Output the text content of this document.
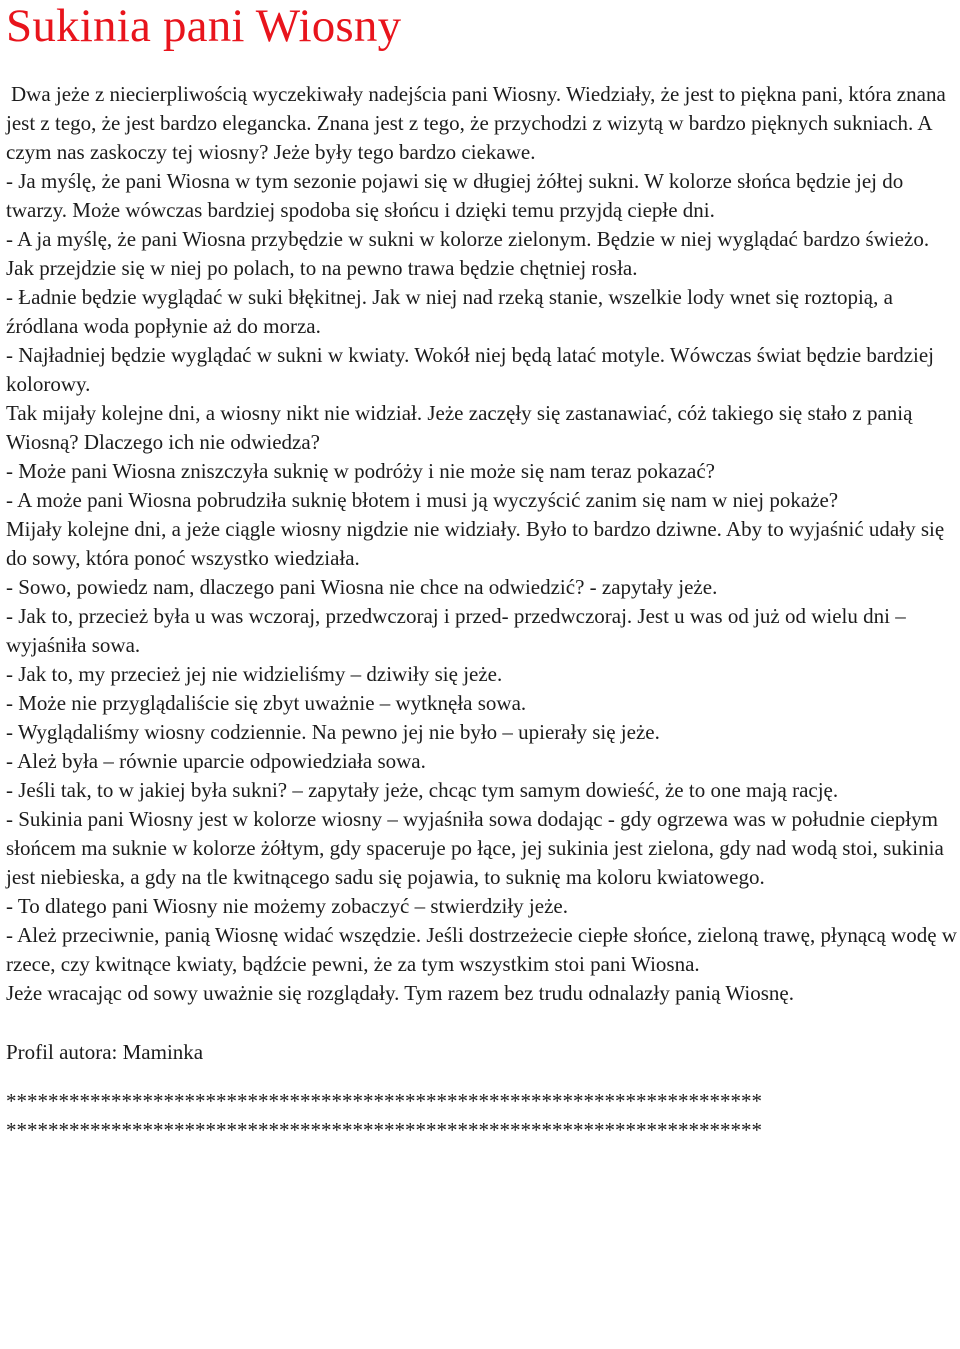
Sukinia pani Wiosny

Dwa jeże z niecierpliwością wyczekiwały nadejścia pani Wiosny. Wiedziały, że jest to piękna pani, która znana jest z tego, że jest bardzo elegancka. Znana jest z tego, że przychodzi z wizytą w bardzo pięknych sukniach. A czym nas zaskoczy tej wiosny? Jeże były tego bardzo ciekawe.

- Ja myślę, że pani Wiosna w tym sezonie pojawi się w długiej żółtej sukni. W kolorze słońca będzie jej do twarzy. Może wówczas bardziej spodoba się słońcu i dzięki temu przyjdą ciepłe dni.

- A ja myślę, że pani Wiosna przybędzie w sukni w kolorze zielonym. Będzie w niej wyglądać bardzo świeżo. Jak przejdzie się w niej po polach, to na pewno trawa będzie chętniej rosła.

- Ładnie będzie wyglądać w suki błękitnej. Jak w niej nad rzeką stanie, wszelkie lody wnet się roztopią, a źródlana woda popłynie aż do morza.

- Najładniej będzie wyglądać w sukni w kwiaty. Wokół niej będą latać motyle. Wówczas świat będzie bardziej kolorowy.

Tak mijały kolejne dni, a wiosny nikt nie widział. Jeże zaczęły się zastanawiać, cóż takiego się stało z panią Wiosną? Dlaczego ich nie odwiedza?

- Może pani Wiosna zniszczyła suknię w podróży i nie może się nam teraz pokazać?

- A może pani Wiosna pobrudziła suknię błotem i musi ją wyczyścić zanim się nam w niej pokaże?

Mijały kolejne dni, a jeże ciągle wiosny nigdzie nie widziały. Było to bardzo dziwne. Aby to wyjaśnić udały się do sowy, która ponoć wszystko wiedziała.

- Sowo, powiedz nam, dlaczego pani Wiosna nie chce na odwiedzić? - zapytały jeże.

- Jak to, przecież była u was wczoraj, przedwczoraj i przed- przedwczoraj. Jest u was od już od wielu dni – wyjaśniła sowa.

- Jak to, my przecież jej nie widzieliśmy – dziwiły się jeże.

- Może nie przyglądaliście się zbyt uważnie – wytknęła sowa.

- Wyglądaliśmy wiosny codziennie. Na pewno jej nie było – upierały się jeże.

- Ależ była – równie uparcie odpowiedziała sowa.

- Jeśli tak, to w jakiej była sukni? – zapytały jeże, chcąc tym samym dowieść, że to one mają rację.

- Sukinia pani Wiosny jest w kolorze wiosny – wyjaśniła sowa dodając - gdy ogrzewa was w południe ciepłym słońcem ma suknie w kolorze żółtym, gdy spaceruje po łące, jej sukinia jest zielona, gdy nad wodą stoi, sukinia jest niebieska, a gdy na tle kwitnącego sadu się pojawia, to suknię ma koloru kwiatowego.

- To dlatego pani Wiosny nie możemy zobaczyć – stwierdziły jeże.

- Ależ przeciwnie, panią Wiosnę widać wszędzie. Jeśli dostrzeżecie ciepłe słońce, zieloną trawę, płynącą wodę w rzece, czy kwitnące kwiaty, bądźcie pewni, że za tym wszystkim stoi pani Wiosna.

Jeże wracając od sowy uważnie się rozglądały. Tym razem bez trudu odnalazły panią Wiosnę.

Profil autora: Maminka
************************************************************************
************************************************************************
